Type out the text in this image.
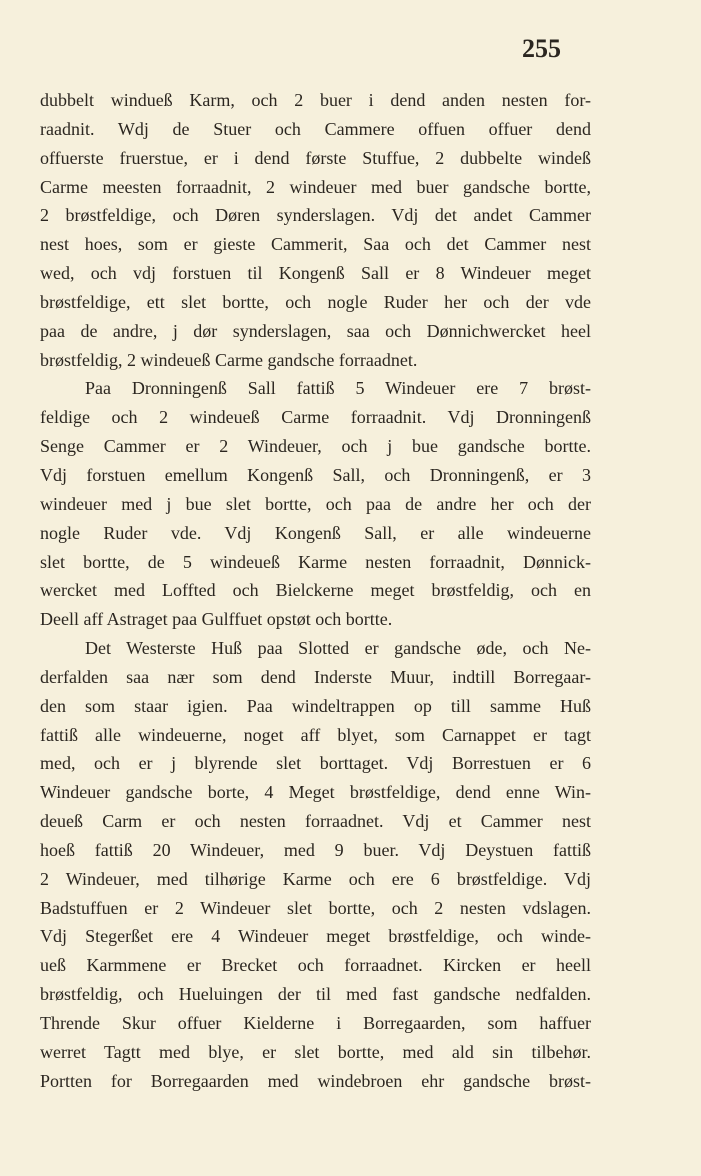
255
dubbelt windueß Karm, och 2 buer i dend anden nesten for-
raadnit. Wdj de Stuer och Cammere offuen offuer dend
offuerste fruerstue, er i dend første Stuffue, 2 dubbelte windeß
Carme meesten forraadnit, 2 windeuer med buer gandsche bortte,
2 brøstfeldige, och Døren synderslagen. Vdj det andet Cammer
nest hoes, som er gieste Cammerit, Saa och det Cammer nest
wed, och vdj forstuen til Kongenß Sall er 8 Windeuer meget
brøstfeldige, ett slet bortte, och nogle Ruder her och der vde
paa de andre, j dør synderslagen, saa och Dønnichwercket heel
brøstfeldig, 2 windeueß Carme gandsche forraadnet.
Paa Dronningenß Sall fattiß 5 Windeuer ere 7 brøst-
feldige och 2 windeueß Carme forraadnit. Vdj Dronningenß
Senge Cammer er 2 Windeuer, och j bue gandsche bortte.
Vdj forstuen emellum Kongenß Sall, och Dronningenß, er 3
windeuer med j bue slet bortte, och paa de andre her och der
nogle Ruder vde. Vdj Kongenß Sall, er alle windeuerne
slet bortte, de 5 windeueß Karme nesten forraadnit, Dønnick-
wercket med Loffted och Bielckerne meget brøstfeldig, och en
Deell aff Astraget paa Gulffuet opstøt och bortte.
Det Westerste Huß paa Slotted er gandsche øde, och Ne-
derfalden saa nær som dend Inderste Muur, indtill Borregaar-
den som staar igien. Paa windeltrappen op till samme Huß
fattiß alle windeuerne, noget aff blyet, som Carnappet er tagt
med, och er j blyrende slet borttaget. Vdj Borrestuen er 6
Windeuer gandsche borte, 4 Meget brøstfeldige, dend enne Win-
deueß Carm er och nesten forraadnet. Vdj et Cammer nest
hoeß fattiß 20 Windeuer, med 9 buer. Vdj Deystuen fattiß
2 Windeuer, med tilhørige Karme och ere 6 brøstfeldige. Vdj
Badstuffuen er 2 Windeuer slet bortte, och 2 nesten vdslagen.
Vdj Stegerßet ere 4 Windeuer meget brøstfeldige, och winde-
ueß Karmmene er Brecket och forraadnet. Kircken er heell
brøstfeldig, och Hueluingen der til med fast gandsche nedfalden.
Thrende Skur offuer Kielderne i Borregaarden, som haffuer
werret Tagtt med blye, er slet bortte, med ald sin tilbehør.
Portten for Borregaarden med windebroen ehr gandsche brøst-
